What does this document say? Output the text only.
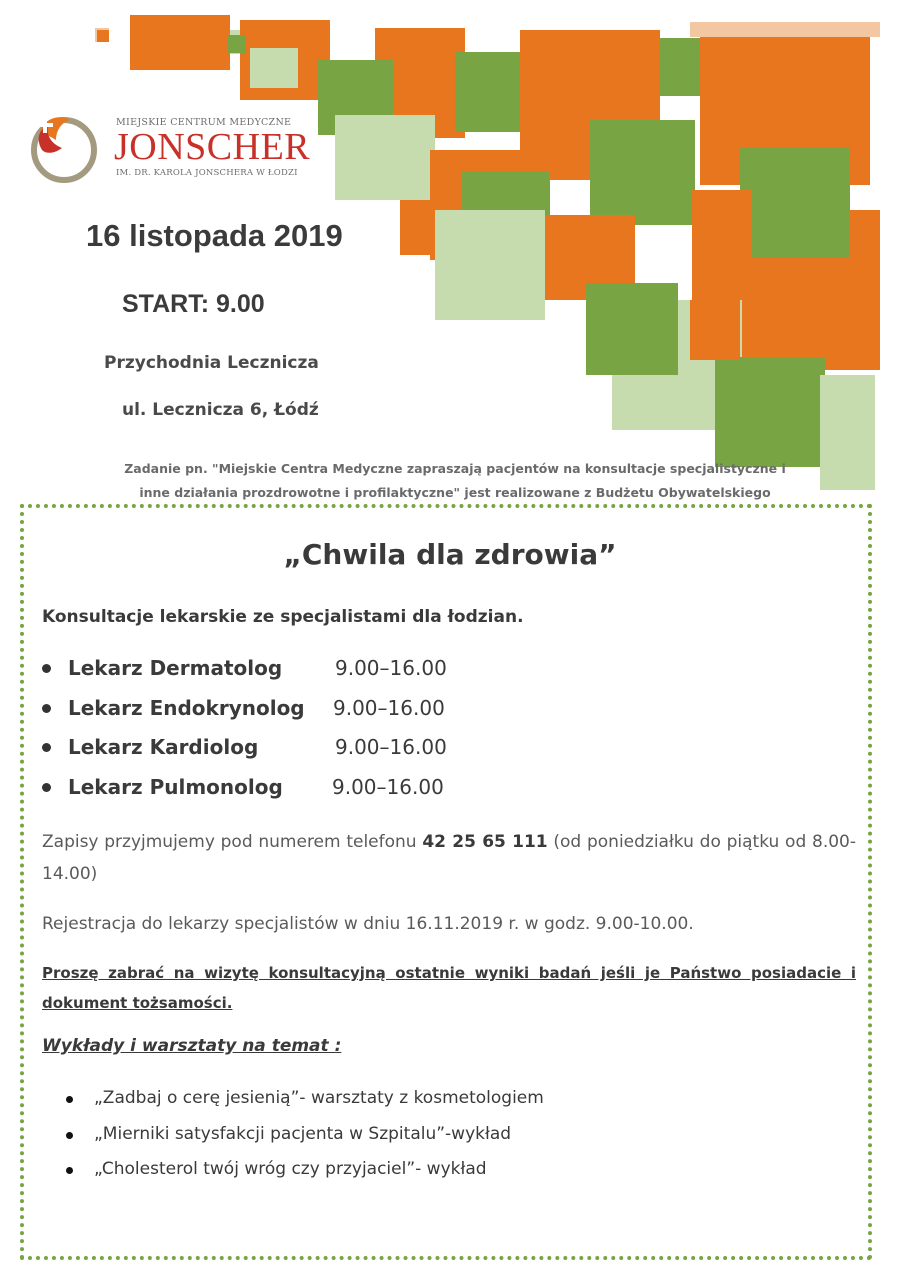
MIEJSKIE CENTRUM MEDYCZNE
JONSCHER
IM. DR. KAROLA JONSCHERA W ŁODZI
16 listopada 2019
START: 9.00
Przychodnia Lecznicza
ul. Lecznicza 6, Łódź
Zadanie pn. "Miejskie Centra Medyczne zapraszają pacjentów na konsultacje specjalistyczne i
inne działania prozdrowotne i profilaktyczne" jest realizowane z Budżetu Obywatelskiego
„Chwila dla zdrowia”
Konsultacje lekarskie ze specjalistami dla łodzian.
Lekarz Dermatolog	9.00–16.00
Lekarz Endokrynolog 9.00–16.00
Lekarz Kardiolog	9.00–16.00
Lekarz Pulmonolog 9.00–16.00
Zapisy przyjmujemy pod numerem telefonu 42 25 65 111 (od poniedziałku do piątku od 8.00-14.00)
Rejestracja do lekarzy specjalistów w dniu 16.11.2019 r. w godz. 9.00-10.00.
Proszę zabrać na wizytę konsultacyjną ostatnie wyniki badań jeśli je Państwo posiadacie i dokument tożsamości.
Wykłady i warsztaty na temat :
„Zadbaj o cerę jesienią”- warsztaty z kosmetologiem
„Mierniki satysfakcji pacjenta w Szpitalu”-wykład
„Cholesterol twój wróg czy przyjaciel”- wykład
